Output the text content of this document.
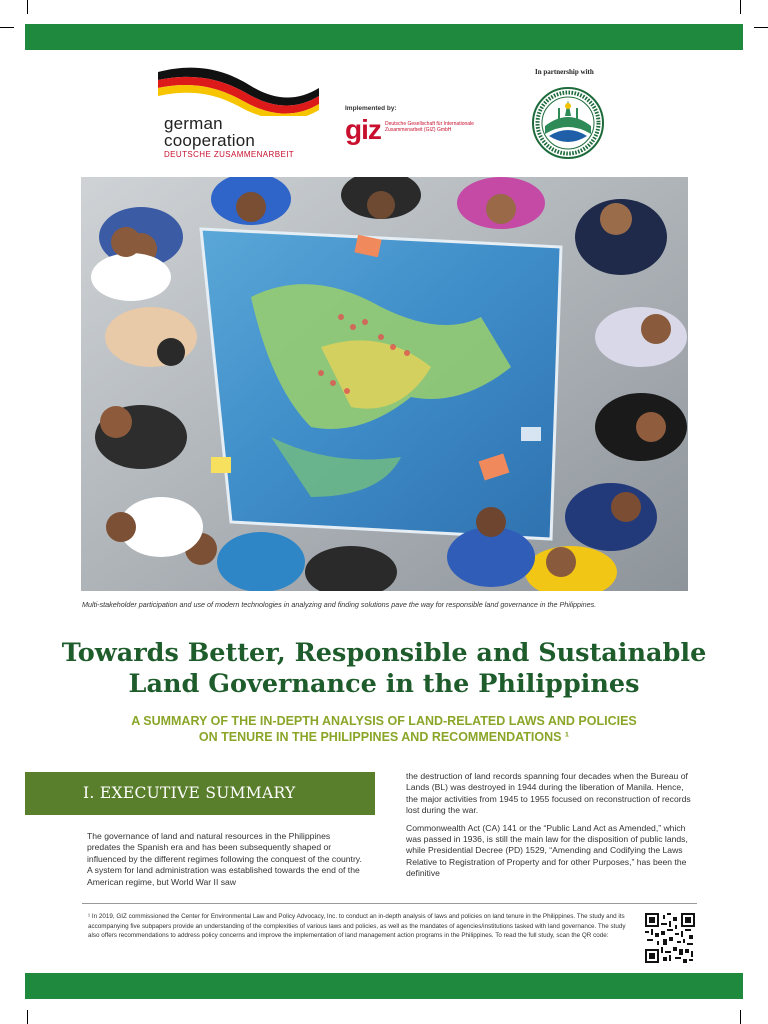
german
cooperation
DEUTSCHE ZUSAMMENARBEIT
Implemented by:
giz Deutsche Gesellschaft für Internationale Zusammenarbeit (GIZ) GmbH
In partnership with
Multi-stakeholder participation and use of modern technologies in analyzing and finding solutions pave the way for responsible land governance in the Philippines.
Towards Better, Responsible and Sustainable
Land Governance in the Philippines
A SUMMARY OF THE IN-DEPTH ANALYSIS OF LAND-RELATED LAWS AND POLICIES
ON TENURE IN THE PHILIPPINES AND RECOMMENDATIONS ¹
I. EXECUTIVE SUMMARY

The governance of land and natural resources in the Philippines predates the Spanish era and has been subsequently shaped or influenced by the different regimes following the conquest of the country. A system for land administration was established towards the end of the American regime, but World War II saw

the destruction of land records spanning four decades when the Bureau of Lands (BL) was destroyed in 1944 during the liberation of Manila. Hence, the major activities from 1945 to 1955 focused on reconstruction of records lost during the war.

Commonwealth Act (CA) 141 or the “Public Land Act as Amended,” which was passed in 1936, is still the main law for the disposition of public lands, while Presidential Decree (PD) 1529, “Amending and Codifying the Laws Relative to Registration of Property and for other Purposes,” has been the definitive

¹ In 2019, GIZ commissioned the Center for Environmental Law and Policy Advocacy, Inc. to conduct an in-depth analysis of laws and policies on land tenure in the Philippines. The study and its accompanying five subpapers provide an understanding of the complexities of various laws and policies, as well as the mandates of agencies/institutions tasked with land governance. The study also offers recommendations to address policy concerns and improve the implementation of land management action programs in the Philippines. To read the full study, scan the QR code:
